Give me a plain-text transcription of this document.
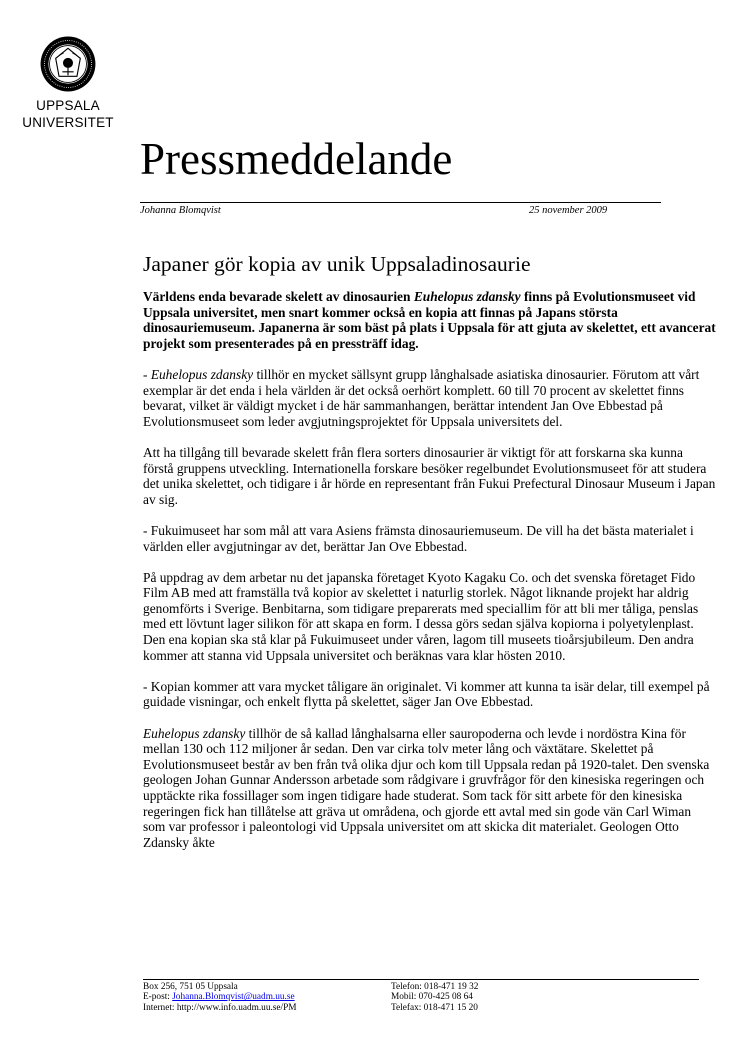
UPPSALA
UNIVERSITET
Pressmeddelande
Johanna Blomqvist	25 november 2009
Japaner gör kopia av unik Uppsaladinosaurie

Världens enda bevarade skelett av dinosaurien Euhelopus zdansky finns på Evolutionsmuseet vid Uppsala universitet, men snart kommer också en kopia att finnas på Japans största dinosauriemuseum. Japanerna är som bäst på plats i Uppsala för att gjuta av skelettet, ett avancerat projekt som presenterades på en pressträff idag.

- Euhelopus zdansky tillhör en mycket sällsynt grupp långhalsade asiatiska dinosaurier. Förutom att vårt exemplar är det enda i hela världen är det också oerhört komplett. 60 till 70 procent av skelettet finns bevarat, vilket är väldigt mycket i de här sammanhangen, berättar intendent Jan Ove Ebbestad på Evolutionsmuseet som leder avgjutningsprojektet för Uppsala universitets del.

Att ha tillgång till bevarade skelett från flera sorters dinosaurier är viktigt för att forskarna ska kunna förstå gruppens utveckling. Internationella forskare besöker regelbundet Evolutionsmuseet för att studera det unika skelettet, och tidigare i år hörde en representant från Fukui Prefectural Dinosaur Museum i Japan av sig.

- Fukuimuseet har som mål att vara Asiens främsta dinosauriemuseum. De vill ha det bästa materialet i världen eller avgjutningar av det, berättar Jan Ove Ebbestad.

På uppdrag av dem arbetar nu det japanska företaget Kyoto Kagaku Co. och det svenska företaget Fido Film AB med att framställa två kopior av skelettet i naturlig storlek. Något liknande projekt har aldrig genomförts i Sverige. Benbitarna, som tidigare preparerats med speciallim för att bli mer tåliga, penslas med ett lövtunt lager silikon för att skapa en form. I dessa görs sedan själva kopiorna i polyetylenplast. Den ena kopian ska stå klar på Fukuimuseet under våren, lagom till museets tioårsjubileum. Den andra kommer att stanna vid Uppsala universitet och beräknas vara klar hösten 2010.

- Kopian kommer att vara mycket tåligare än originalet. Vi kommer att kunna ta isär delar, till exempel på guidade visningar, och enkelt flytta på skelettet, säger Jan Ove Ebbestad.

Euhelopus zdansky tillhör de så kallad långhalsarna eller sauropoderna och levde i nordöstra Kina för mellan 130 och 112 miljoner år sedan. Den var cirka tolv meter lång och växtätare. Skelettet på Evolutionsmuseet består av ben från två olika djur och kom till Uppsala redan på 1920-talet. Den svenska geologen Johan Gunnar Andersson arbetade som rådgivare i gruvfrågor för den kinesiska regeringen och upptäckte rika fossillager som ingen tidigare hade studerat. Som tack för sitt arbete för den kinesiska regeringen fick han tillåtelse att gräva ut områdena, och gjorde ett avtal med sin gode vän Carl Wiman som var professor i paleontologi vid Uppsala universitet om att skicka dit materialet. Geologen Otto Zdansky åkte

Box 256, 751 05 Uppsala
E-post: Johanna.Blomqvist@uadm.uu.se
Internet: http://www.info.uadm.uu.se/PM
Telefon: 018-471 19 32
Mobil: 070-425 08 64
Telefax: 018-471 15 20
